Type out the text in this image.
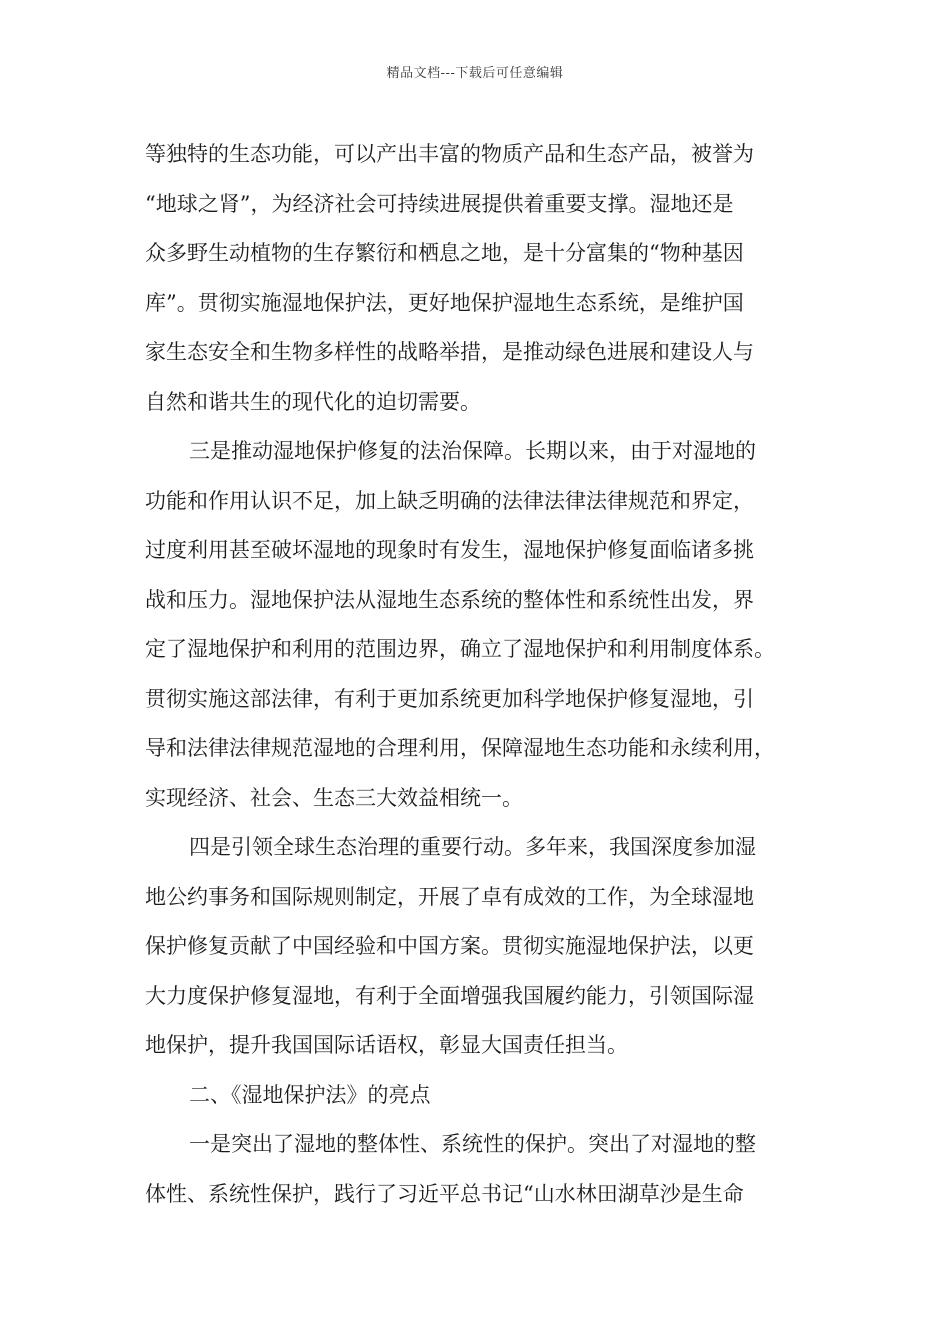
精品文档---下载后可任意编辑
等独特的生态功能，可以产出丰富的物质产品和生态产品，被誉为
“地球之肾”，为经济社会可持续进展提供着重要支撑。湿地还是
众多野生动植物的生存繁衍和栖息之地，是十分富集的“物种基因
库”。贯彻实施湿地保护法，更好地保护湿地生态系统，是维护国
家生态安全和生物多样性的战略举措，是推动绿色进展和建设人与
自然和谐共生的现代化的迫切需要。
三是推动湿地保护修复的法治保障。长期以来，由于对湿地的
功能和作用认识不足，加上缺乏明确的法律法律法律规范和界定，
过度利用甚至破坏湿地的现象时有发生，湿地保护修复面临诸多挑
战和压力。湿地保护法从湿地生态系统的整体性和系统性出发，界
定了湿地保护和利用的范围边界，确立了湿地保护和利用制度体系。
贯彻实施这部法律，有利于更加系统更加科学地保护修复湿地，引
导和法律法律规范湿地的合理利用，保障湿地生态功能和永续利用，
实现经济、社会、生态三大效益相统一。
四是引领全球生态治理的重要行动。多年来，我国深度参加湿
地公约事务和国际规则制定，开展了卓有成效的工作，为全球湿地
保护修复贡献了中国经验和中国方案。贯彻实施湿地保护法，以更
大力度保护修复湿地，有利于全面增强我国履约能力，引领国际湿
地保护，提升我国国际话语权，彰显大国责任担当。
二、《湿地保护法》的亮点
一是突出了湿地的整体性、系统性的保护。突出了对湿地的整
体性、系统性保护，践行了习近平总书记“山水林田湖草沙是生命
